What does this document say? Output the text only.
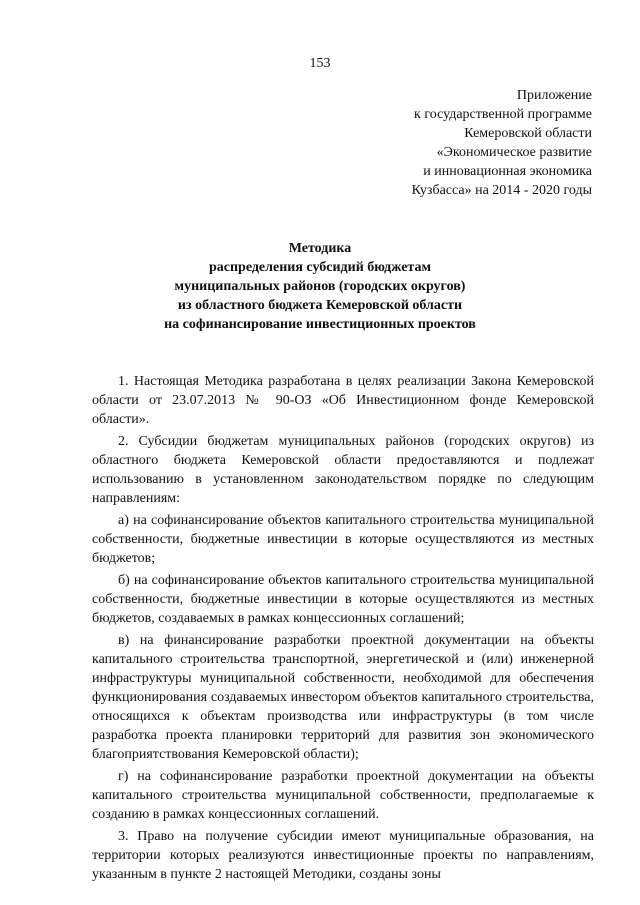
153
Приложение
к государственной программе
Кемеровской области
«Экономическое развитие
и инновационная экономика
Кузбасса» на 2014 - 2020 годы
Методика
распределения субсидий бюджетам
муниципальных районов (городских округов)
из областного бюджета Кемеровской области
на софинансирование инвестиционных проектов

1. Настоящая Методика разработана в целях реализации Закона Кемеровской области от 23.07.2013 № 90-ОЗ «Об Инвестиционном фонде Кемеровской области».

2. Субсидии бюджетам муниципальных районов (городских округов) из областного бюджета Кемеровской области предоставляются и подлежат использованию в установленном законодательством порядке по следующим направлениям:

а) на софинансирование объектов капитального строительства муниципальной собственности, бюджетные инвестиции в которые осуществляются из местных бюджетов;

б) на софинансирование объектов капитального строительства муниципальной собственности, бюджетные инвестиции в которые осуществляются из местных бюджетов, создаваемых в рамках концессионных соглашений;

в) на финансирование разработки проектной документации на объекты капитального строительства транспортной, энергетической и (или) инженерной инфраструктуры муниципальной собственности, необходимой для обеспечения функционирования создаваемых инвестором объектов капитального строительства, относящихся к объектам производства или инфраструктуры (в том числе разработка проекта планировки территорий для развития зон экономического благоприятствования Кемеровской области);

г) на софинансирование разработки проектной документации на объекты капитального строительства муниципальной собственности, предполагаемые к созданию в рамках концессионных соглашений.

3. Право на получение субсидии имеют муниципальные образования, на территории которых реализуются инвестиционные проекты по направлениям, указанным в пункте 2 настоящей Методики, созданы зоны
